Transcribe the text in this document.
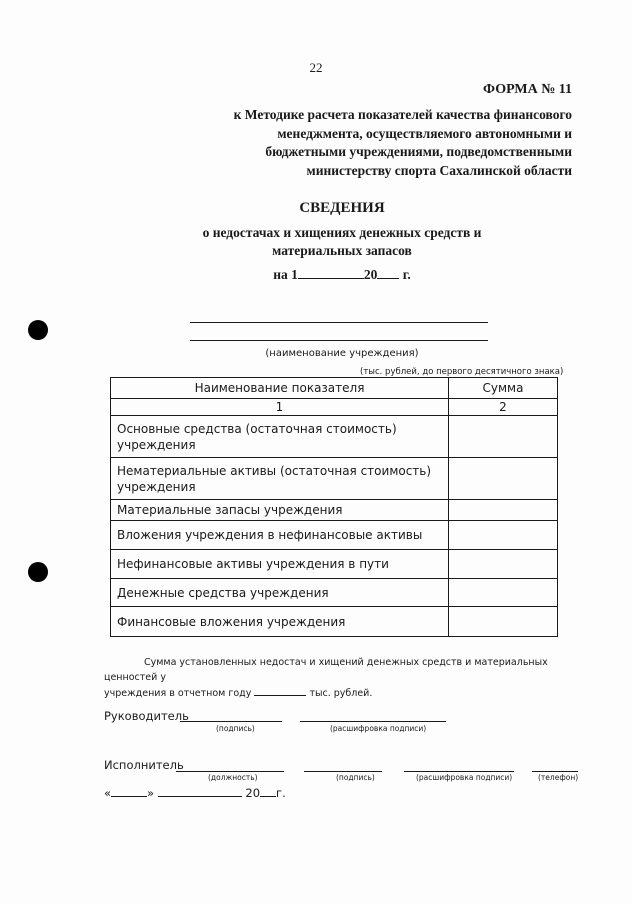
22
ФОРМА № 11
к Методике расчета показателей качества финансового
менеджмента, осуществляемого автономными и
бюджетными учреждениями, подведомственными
министерству спорта Сахалинской области
СВЕДЕНИЯ
о недостачах и хищениях денежных средств и
материальных запасов
на 1	20 г.
(наименование учреждения)
(тыс. рублей, до первого десятичного знака)
Наименование показателя	Сумма
1	2
Основные средства (остаточная стоимость) учреждения	
Нематериальные активы (остаточная стоимость) учреждения	
Материальные запасы учреждения	
Вложения учреждения в нефинансовые активы	
Нефинансовые активы учреждения в пути	
Денежные средства учреждения	
Финансовые вложения учреждения	
Сумма установленных недостач и хищений денежных средств и материальных ценностей у
учреждения в отчетном году	тыс. рублей.
Руководитель
(подпись)	(расшифровка подписи)
Исполнитель
(должность)	(подпись)	(расшифровка подписи)	(телефон)
«	»	20 г.
